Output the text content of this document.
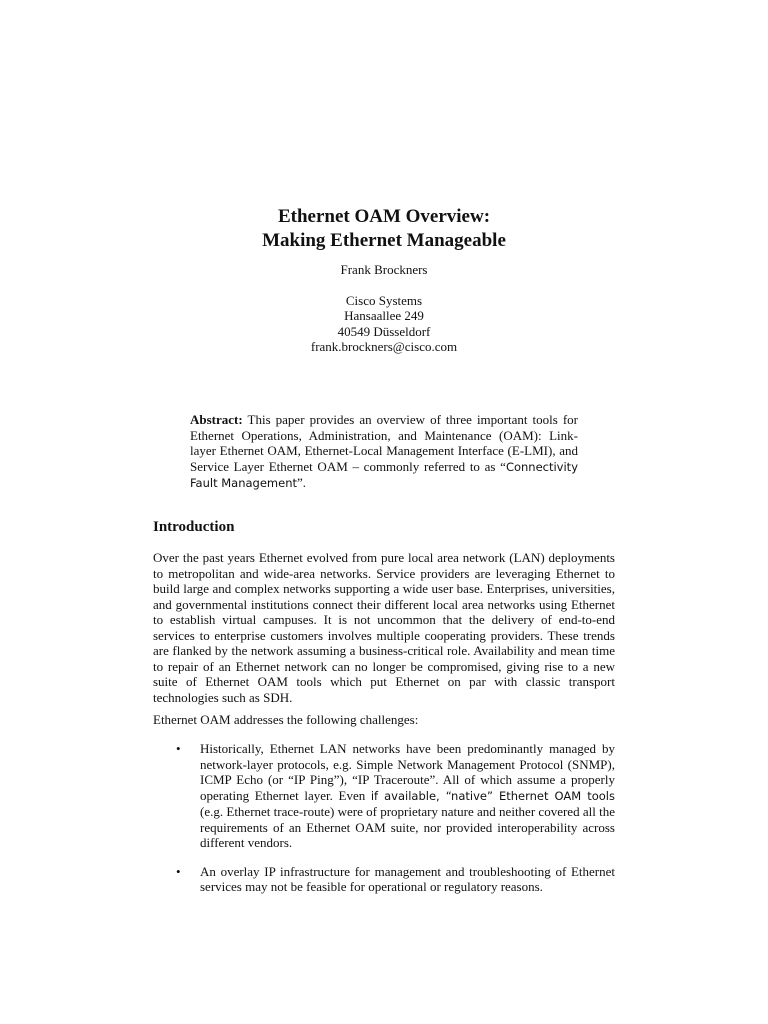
Ethernet OAM Overview:
Making Ethernet Manageable
Frank Brockners
Cisco Systems
Hansaallee 249
40549 Düsseldorf
frank.brockners@cisco.com
Abstract: This paper provides an overview of three important tools for Ethernet Operations, Administration, and Maintenance (OAM): Link-layer Ethernet OAM, Ethernet-Local Management Interface (E-LMI), and Service Layer Ethernet OAM – commonly referred to as “Connectivity Fault Management”.
Introduction

Over the past years Ethernet evolved from pure local area network (LAN) deployments to metropolitan and wide-area networks. Service providers are leveraging Ethernet to build large and complex networks supporting a wide user base. Enterprises, universities, and governmental institutions connect their different local area networks using Ethernet to establish virtual campuses. It is not uncommon that the delivery of end-to-end services to enterprise customers involves multiple cooperating providers. These trends are flanked by the network assuming a business-critical role. Availability and mean time to repair of an Ethernet network can no longer be compromised, giving rise to a new suite of Ethernet OAM tools which put Ethernet on par with classic transport technologies such as SDH.

Ethernet OAM addresses the following challenges:

• Historically, Ethernet LAN networks have been predominantly managed by network-layer protocols, e.g. Simple Network Management Protocol (SNMP), ICMP Echo (or “IP Ping”), “IP Traceroute”. All of which assume a properly operating Ethernet layer. Even if available, “native” Ethernet OAM tools (e.g. Ethernet trace-route) were of proprietary nature and neither covered all the requirements of an Ethernet OAM suite, nor provided interoperability across different vendors.
• An overlay IP infrastructure for management and troubleshooting of Ethernet services may not be feasible for operational or regulatory reasons.
